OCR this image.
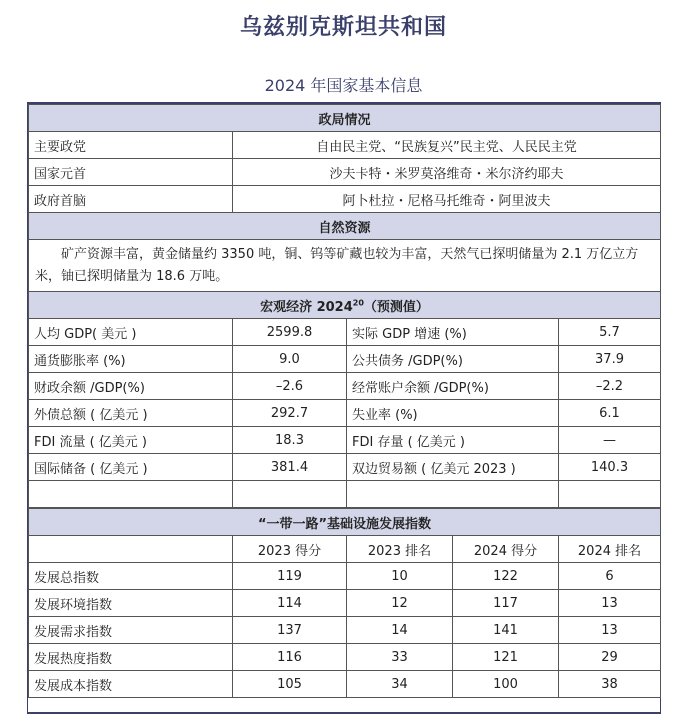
乌兹别克斯坦共和国
2024 年国家基本信息
政局情况			
主要政党	自由民主党、“民族复兴”民主党、人民民主党		
国家元首	沙夫卡特・米罗莫洛维奇・米尔济约耶夫		
政府首脑	阿卜杜拉・尼格马托维奇・阿里波夫		
自然资源			
矿产资源丰富，黄金储量约 3350 吨，铜、钨等矿藏也较为丰富，天然气已探明储量为 2.1 万亿立方米，铀已探明储量为 18.6 万吨。			
宏观经济 2024$^{20}$（预测值）			
人均 GDP( 美元 )	2599.8	实际 GDP 增速 (%)	5.7
通货膨胀率 (%)	9.0	公共债务 /GDP(%)	37.9
财政余额 /GDP(%)	–2.6	经常账户余额 /GDP(%)	–2.2
外债总额 ( 亿美元 )	292.7	失业率 (%)	6.1
FDI 流量 ( 亿美元 )	18.3	FDI 存量 ( 亿美元 )	—
国际储备 ( 亿美元 )	381.4	双边贸易额 ( 亿美元 2023 )	140.3

“一带一路”基础设施发展指数				
	2023 得分	2023 排名	2024 得分	2024 排名
发展总指数	119	10	122	6
发展环境指数	114	12	117	13
发展需求指数	137	14	141	13
发展热度指数	116	33	121	29
发展成本指数	105	34	100	38
